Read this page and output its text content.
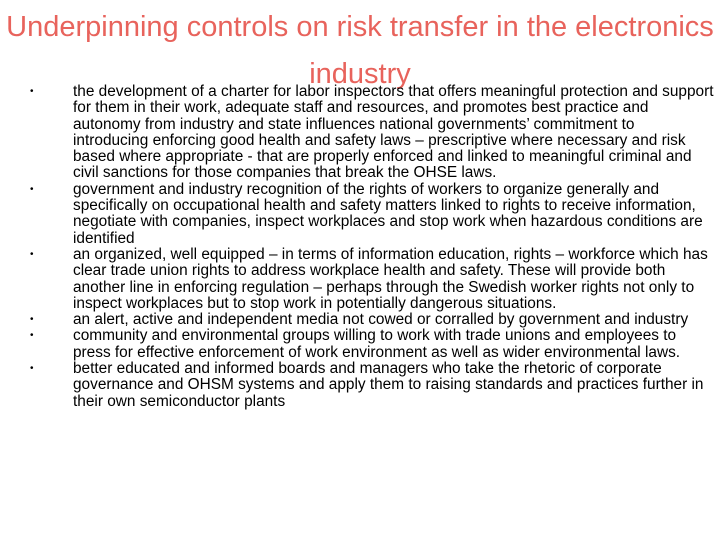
Underpinning controls on risk transfer in the electronics industry
•	the development of a charter for labor inspectors that offers meaningful protection and support for them in their work, adequate staff and resources, and promotes best practice and autonomy from industry and state influences national governments’ commitment to introducing enforcing good health and safety laws – prescriptive where necessary and risk based where appropriate - that are properly enforced and linked to meaningful criminal and civil sanctions for those companies that break the OHSE laws.
•	government and industry recognition of the rights of workers to organize generally and specifically on occupational health and safety matters linked to rights to receive information, negotiate with companies, inspect workplaces and stop work when hazardous conditions are identified
•	an organized, well equipped – in terms of information education, rights – workforce which has clear trade union rights to address workplace health and safety. These will provide both another line in enforcing regulation – perhaps through the Swedish worker rights not only to inspect workplaces but to stop work in potentially dangerous situations.
•	an alert, active and independent media not cowed or corralled by government and industry
•	community and environmental groups willing to work with trade unions and employees to press for effective enforcement of work environment as well as wider environmental laws.
•	better educated and informed boards and managers who take the rhetoric of corporate governance and OHSM systems and apply them to raising standards and practices further in their own semiconductor plants
